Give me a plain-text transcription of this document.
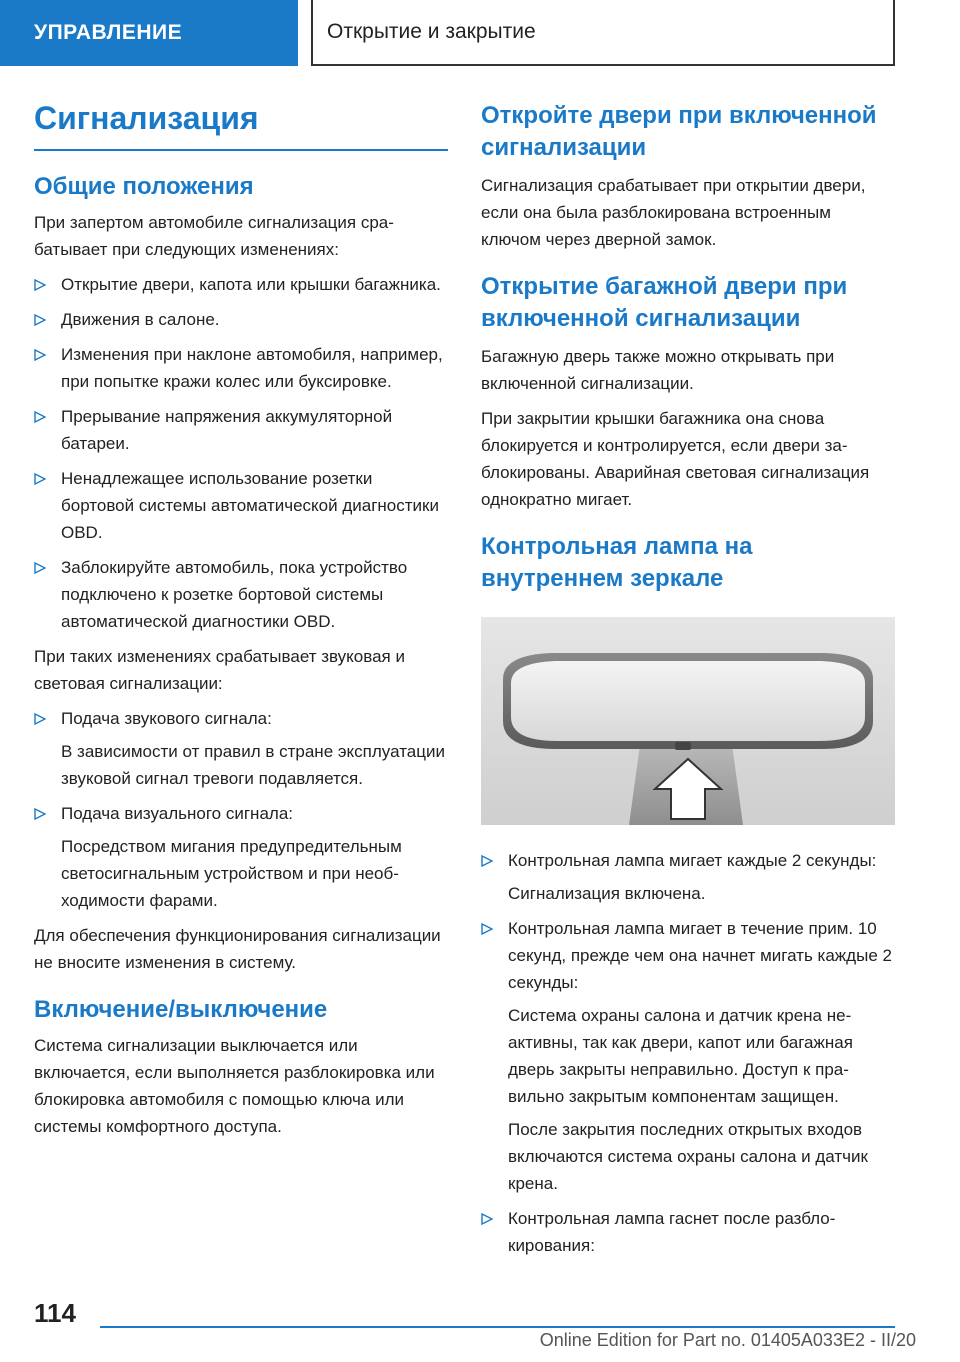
УПРАВЛЕНИЕ	Открытие и закрытие
Сигнализация
Общие положения

При запертом автомобиле сигнализация срабатывает при следующих изменениях:

Открытие двери, капота или крышки багажника.
Движения в салоне.
Изменения при наклоне автомобиля, например, при попытке кражи колес или буксировке.
Прерывание напряжения аккумуляторной батареи.
Ненадлежащее использование розетки бортовой системы автоматической диагностики OBD.
Заблокируйте автомобиль, пока устройство подключено к розетке бортовой системы автоматической диагностики OBD.

При таких изменениях срабатывает звуковая и световая сигнализации:

Подача звукового сигнала:
В зависимости от правил в стране эксплуатации звуковой сигнал тревоги подавляется.
Подача визуального сигнала:
Посредством мигания предупредительным светосигнальным устройством и при необходимости фарами.

Для обеспечения функционирования сигнализации не вносите изменения в систему.

Включение/выключение

Система сигнализации выключается или включается, если выполняется разблокировка или блокировка автомобиля с помощью ключа или системы комфортного доступа.

Откройте двери при включенной сигнализации

Сигнализация срабатывает при открытии двери, если она была разблокирована встроенным ключом через дверной замок.

Открытие багажной двери при включенной сигнализации

Багажную дверь также можно открывать при включенной сигнализации.

При закрытии крышки багажника она снова блокируется и контролируется, если двери заблокированы. Аварийная световая сигнализация однократно мигает.

Контрольная лампа на внутреннем зеркале
Контрольная лампа мигает каждые 2 секунды:
Сигнализация включена.
Контрольная лампа мигает в течение прим. 10 секунд, прежде чем она начнет мигать каждые 2 секунды:
Система охраны салона и датчик крена неактивны, так как двери, капот или багажная дверь закрыты неправильно. Доступ к правильно закрытым компонентам защищен.
После закрытия последних открытых входов включаются система охраны салона и датчик крена.
Контрольная лампа гаснет после разблокирования:
114
Online Edition for Part no. 01405A033E2 - II/20
